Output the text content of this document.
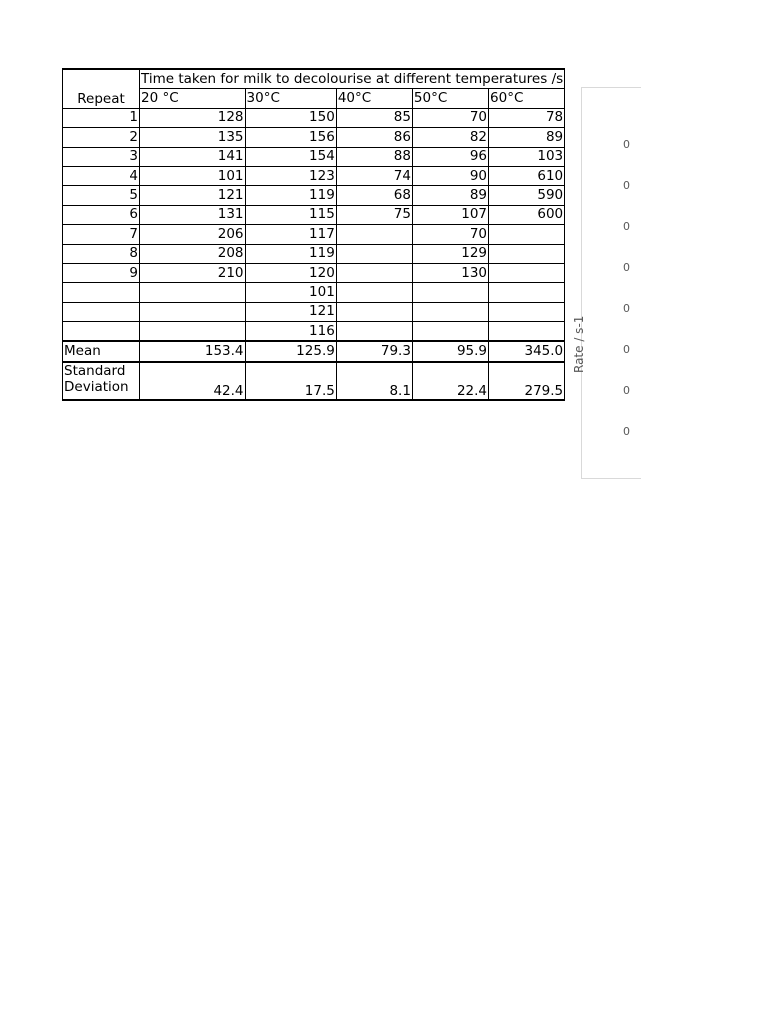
Repeat	Time taken for milk to decolourise at different temperatures /s				
	20 °C	30°C	40°C	50°C	60°C
1	128	150	85	70	78
2	135	156	86	82	89
3	141	154	88	96	103
4	101	123	74	90	610
5	121	119	68	89	590
6	131	115	75	107	600
7	206	117		70	
8	208	119		129	
9	210	120		130	
		101			
		121			
		116			
Mean	153.4	125.9	79.3	95.9	345.0
Standard Deviation	42.4	17.5	8.1	22.4	279.5
Rate / s-1
0
0
0
0
0
0
0
0
